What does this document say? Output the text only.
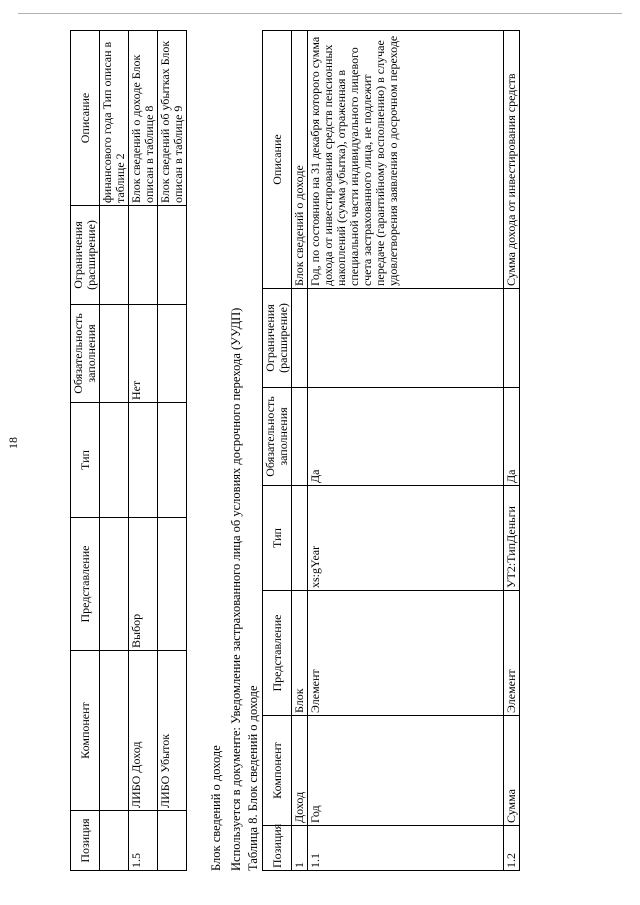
18
Позиция	Компонент	Представление	Тип	Обязательность заполнения	Ограничения (расширение)	Описание
						финансового года Тип описан в таблице 2
1.5	ЛИБО Доход	Выбор		Нет		Блок сведений о доходе Блок описан в таблице 8
	ЛИБО Убыток					Блок сведений об убытках Блок описан в таблице 9
Блок сведений о доходе Используется в документе: Уведомление застрахованного лица об условиях досрочного перехода (УУДП) Таблица 8. Блок сведений о доходе Позиция	Компонент	Представление	Тип	Обязательность заполнения	Ограничения (расширение)	Описание
1	Доход	Блок				Блок сведений о доходе
1.1	Год	Элемент	xs:gYear	Да		Год, по состоянию на 31 декабря которого сумма дохода от инвестирования средств пенсионных накоплений (сумма убытка), отраженная в специальной части индивидуального лицевого счета застрахованного лица, не подлежит передаче (гарантийному восполнению) в случае удовлетворения заявления о досрочном переходе
1.2	Сумма	Элемент	УТ2:ТипДеньги	Да		Сумма дохода от инвестирования средств
